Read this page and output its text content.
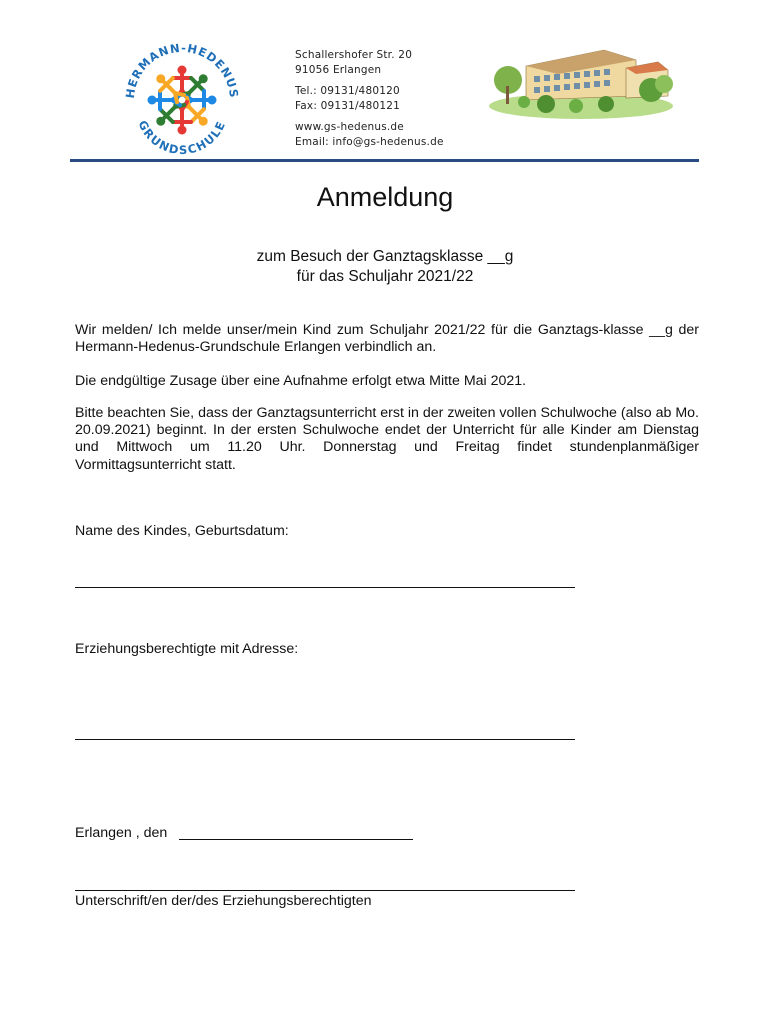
HERMANN-HEDENUS
GRUNDSCHULE
Schallershofer Str. 20
91056 Erlangen
Tel.: 09131/480120
Fax: 09131/480121
www.gs-hedenus.de
Email: info@gs-hedenus.de
Anmeldung
zum Besuch der Ganztagsklasse __g
für das Schuljahr 2021/22

Wir melden/ Ich melde unser/mein Kind zum Schuljahr 2021/22 für die Ganztags-klasse __g der Hermann-Hedenus-Grundschule Erlangen verbindlich an.

Die endgültige Zusage über eine Aufnahme erfolgt etwa Mitte Mai 2021.

Bitte beachten Sie, dass der Ganztagsunterricht erst in der zweiten vollen Schulwoche (also ab Mo. 20.09.2021) beginnt. In der ersten Schulwoche endet der Unterricht für alle Kinder am Dienstag und Mittwoch um 11.20 Uhr. Donnerstag und Freitag findet stundenplanmäßiger Vormittagsunterricht statt.

Name des Kindes, Geburtsdatum:
Erziehungsberechtigte mit Adresse:
Erlangen , den
Unterschrift/en der/des Erziehungsberechtigten
